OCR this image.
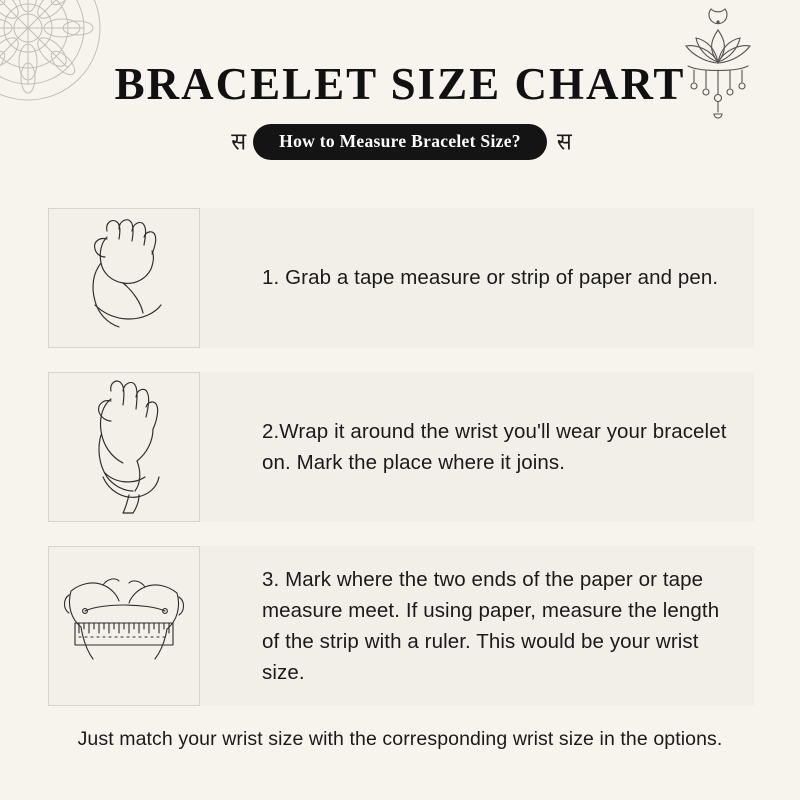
BRACELET SIZE CHART
स	How to Measure Bracelet Size?	स
1. Grab a tape measure or strip of paper and pen.
2.Wrap it around the wrist you'll wear your bracelet on. Mark the place where it joins.
3. Mark where the two ends of the paper or tape measure meet. If using paper, measure the length of the strip with a ruler. This would be your wrist size.
Just match your wrist size with the corresponding wrist size in the options.
